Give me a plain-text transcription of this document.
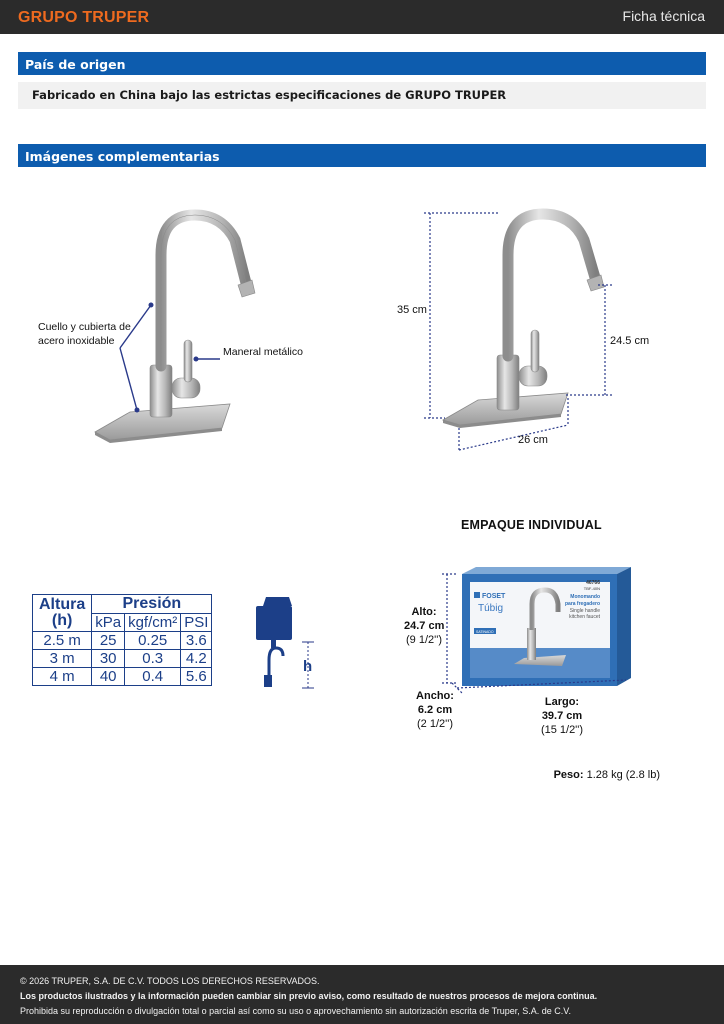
GRUPO TRUPER	Ficha técnica
País de origen
Fabricado en China bajo las estrictas especificaciones de GRUPO TRUPER
Imágenes complementarias
FOSET
Túbig
46766
TBF-40N
Monomando
para fregadero
Single handle
kitchen faucet
SATINADO
h
Cuello y cubierta de
acero inoxidable
Maneral metálico
35 cm
24.5 cm
26 cm
EMPAQUE INDIVIDUAL
Alto:
24.7 cm
(9 1/2'')
Ancho:
6.2 cm
(2 1/2'')
Largo:
39.7 cm
(15 1/2'')
Peso: 1.28 kg (2.8 lb)
Altura
(h)	Presión		
	kPa	kgf/cm²	PSI
2.5 m	25	0.25	3.6
3 m	30	0.3	4.2
4 m	40	0.4	5.6
© 2026 TRUPER, S.A. DE C.V. TODOS LOS DERECHOS RESERVADOS.
Los productos ilustrados y la información pueden cambiar sin previo aviso, como resultado de nuestros procesos de mejora continua.
Prohibida su reproducción o divulgación total o parcial así como su uso o aprovechamiento sin autorización escrita de Truper, S.A. de C.V.
